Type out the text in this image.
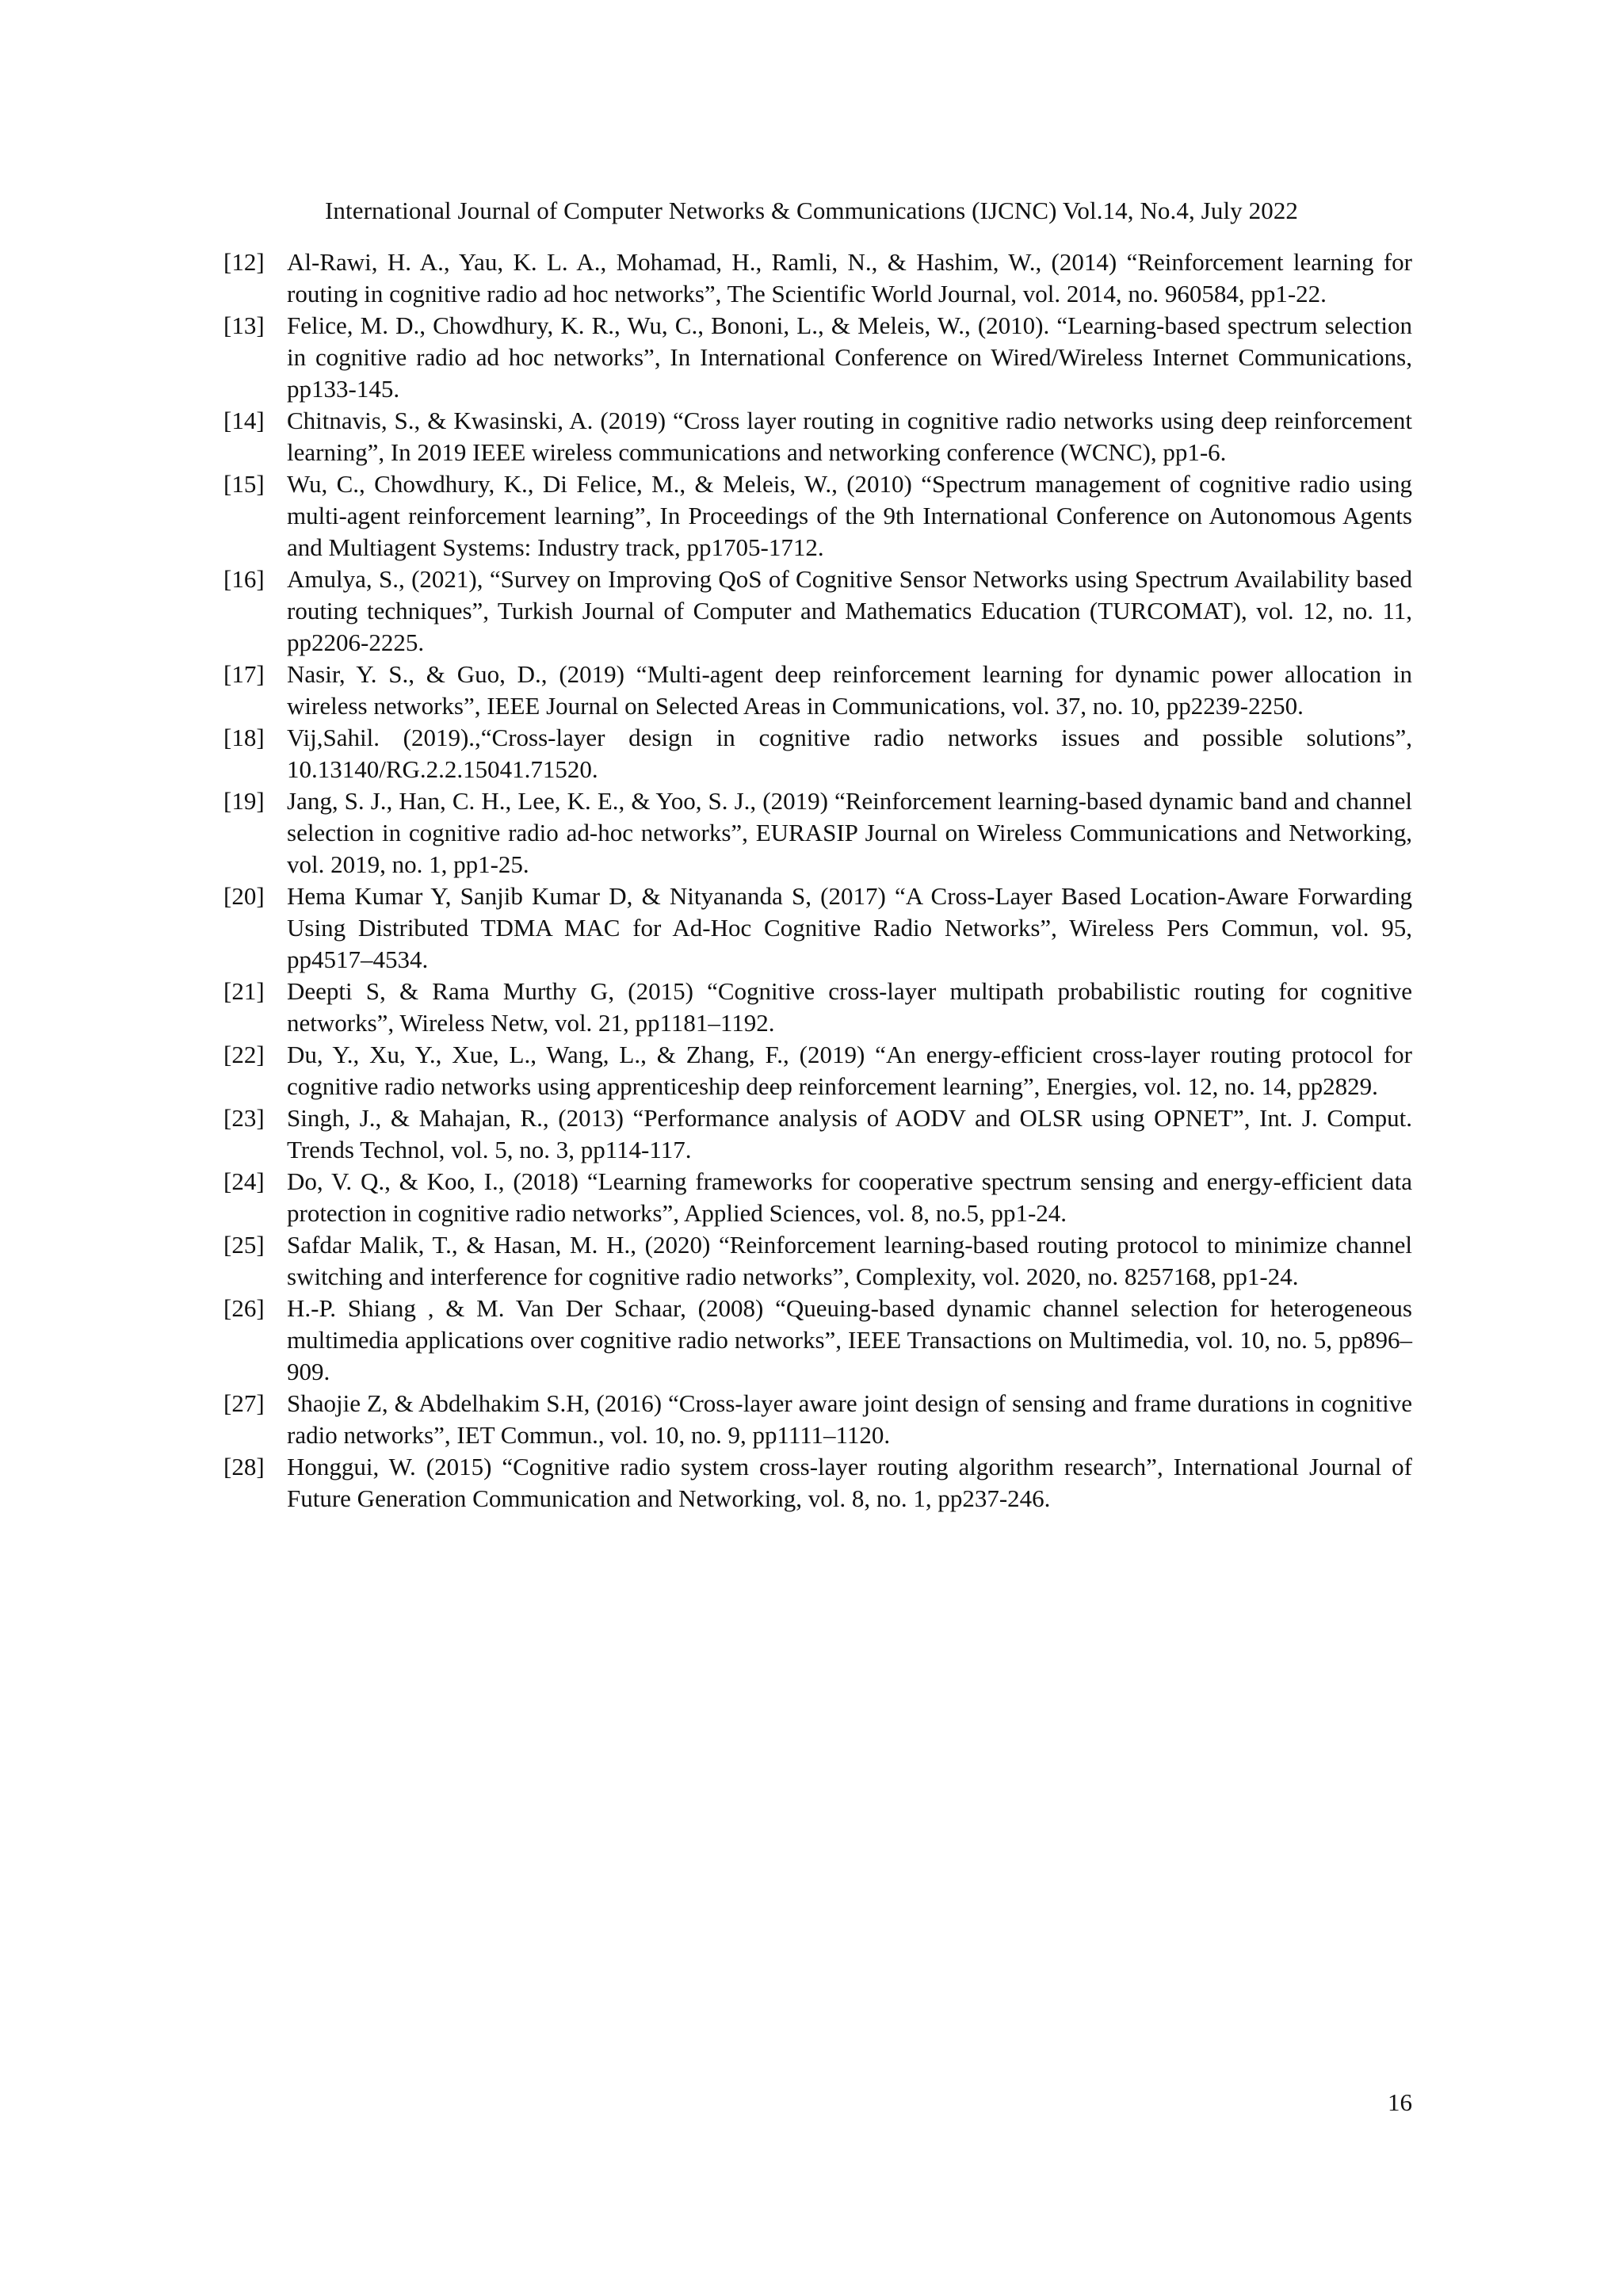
International Journal of Computer Networks & Communications (IJCNC) Vol.14, No.4, July 2022
[12] Al-Rawi, H. A., Yau, K. L. A., Mohamad, H., Ramli, N., & Hashim, W., (2014) “Reinforcement learning for routing in cognitive radio ad hoc networks”, The Scientific World Journal, vol. 2014, no. 960584, pp1-22.
[13] Felice, M. D., Chowdhury, K. R., Wu, C., Bononi, L., & Meleis, W., (2010). “Learning-based spectrum selection in cognitive radio ad hoc networks”, In International Conference on Wired/Wireless Internet Communications, pp133-145.
[14] Chitnavis, S., & Kwasinski, A. (2019) “Cross layer routing in cognitive radio networks using deep reinforcement learning”, In 2019 IEEE wireless communications and networking conference (WCNC), pp1-6.
[15] Wu, C., Chowdhury, K., Di Felice, M., & Meleis, W., (2010) “Spectrum management of cognitive radio using multi-agent reinforcement learning”, In Proceedings of the 9th International Conference on Autonomous Agents and Multiagent Systems: Industry track, pp1705-1712.
[16] Amulya, S., (2021), “Survey on Improving QoS of Cognitive Sensor Networks using Spectrum Availability based routing techniques”, Turkish Journal of Computer and Mathematics Education (TURCOMAT), vol. 12, no. 11, pp2206-2225.
[17] Nasir, Y. S., & Guo, D., (2019) “Multi-agent deep reinforcement learning for dynamic power allocation in wireless networks”, IEEE Journal on Selected Areas in Communications, vol. 37, no. 10, pp2239-2250.
[18] Vij,Sahil. (2019).,“Cross-layer design in cognitive radio networks issues and possible solutions”, 10.13140/RG.2.2.15041.71520.
[19] Jang, S. J., Han, C. H., Lee, K. E., & Yoo, S. J., (2019) “Reinforcement learning-based dynamic band and channel selection in cognitive radio ad-hoc networks”, EURASIP Journal on Wireless Communications and Networking, vol. 2019, no. 1, pp1-25.
[20] Hema Kumar Y, Sanjib Kumar D, & Nityananda S, (2017) “A Cross-Layer Based Location-Aware Forwarding Using Distributed TDMA MAC for Ad-Hoc Cognitive Radio Networks”, Wireless Pers Commun, vol. 95, pp4517–4534.
[21] Deepti S, & Rama Murthy G, (2015) “Cognitive cross-layer multipath probabilistic routing for cognitive networks”, Wireless Netw, vol. 21, pp1181–1192.
[22] Du, Y., Xu, Y., Xue, L., Wang, L., & Zhang, F., (2019) “An energy-efficient cross-layer routing protocol for cognitive radio networks using apprenticeship deep reinforcement learning”, Energies, vol. 12, no. 14, pp2829.
[23] Singh, J., & Mahajan, R., (2013) “Performance analysis of AODV and OLSR using OPNET”, Int. J. Comput. Trends Technol, vol. 5, no. 3, pp114-117.
[24] Do, V. Q., & Koo, I., (2018) “Learning frameworks for cooperative spectrum sensing and energy-efficient data protection in cognitive radio networks”, Applied Sciences, vol. 8, no.5, pp1-24.
[25] Safdar Malik, T., & Hasan, M. H., (2020) “Reinforcement learning-based routing protocol to minimize channel switching and interference for cognitive radio networks”, Complexity, vol. 2020, no. 8257168, pp1-24.
[26] H.-P. Shiang , & M. Van Der Schaar, (2008) “Queuing-based dynamic channel selection for heterogeneous multimedia applications over cognitive radio networks”, IEEE Transactions on Multimedia, vol. 10, no. 5, pp896–909.
[27] Shaojie Z, & Abdelhakim S.H, (2016) “Cross-layer aware joint design of sensing and frame durations in cognitive radio networks”, IET Commun., vol. 10, no. 9, pp1111–1120.
[28] Honggui, W. (2015) “Cognitive radio system cross-layer routing algorithm research”, International Journal of Future Generation Communication and Networking, vol. 8, no. 1, pp237-246.
16
